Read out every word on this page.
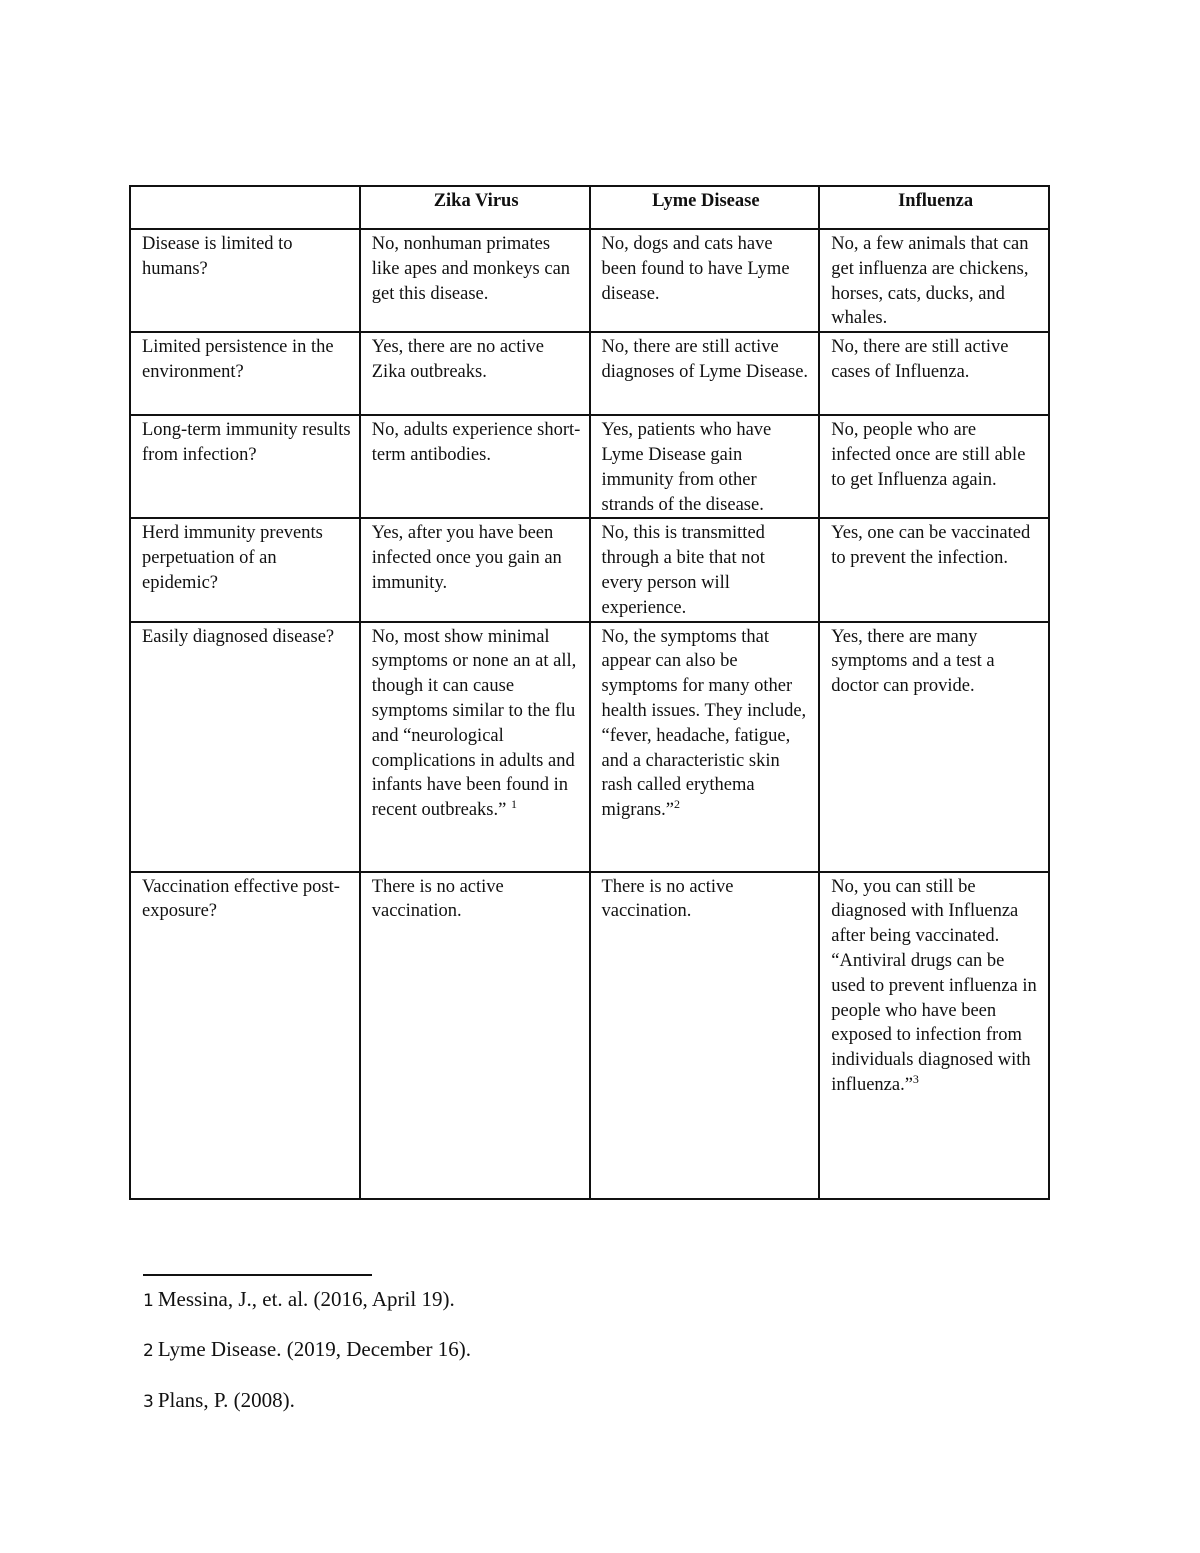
	Zika Virus	Lyme Disease	Influenza
Disease is limited to humans?	No, nonhuman primates like apes and monkeys can get this disease.	No, dogs and cats have been found to have Lyme disease.	No, a few animals that can get influenza are chickens, horses, cats, ducks, and whales.
Limited persistence in the environment?	Yes, there are no active Zika outbreaks.	No, there are still active diagnoses of Lyme Disease.	No, there are still active cases of Influenza.
Long-term immunity results from infection?	No, adults experience short-term antibodies.	Yes, patients who have Lyme Disease gain immunity from other strands of the disease.	No, people who are infected once are still able to get Influenza again.
Herd immunity prevents perpetuation of an epidemic?	Yes, after you have been infected once you gain an immunity.	No, this is transmitted through a bite that not every person will experience.	Yes, one can be vaccinated to prevent the infection.
Easily diagnosed disease?	No, most show minimal symptoms or none an at all, though it can cause symptoms similar to the flu and “neurological complications in adults and infants have been found in recent outbreaks.” $^1$	No, the symptoms that appear can also be symptoms for many other health issues. They include, “fever, headache, fatigue, and a characteristic skin rash called erythema migrans.”$^2$	Yes, there are many symptoms and a test a doctor can provide.
Vaccination effective post-exposure?	There is no active vaccination.	There is no active vaccination.	No, you can still be diagnosed with Influenza after being vaccinated. “Antiviral drugs can be used to prevent influenza in people who have been exposed to infection from individuals diagnosed with influenza.”$^3$
1 Messina, J., et. al. (2016, April 19).
2 Lyme Disease. (2019, December 16).
3 Plans, P. (2008).
